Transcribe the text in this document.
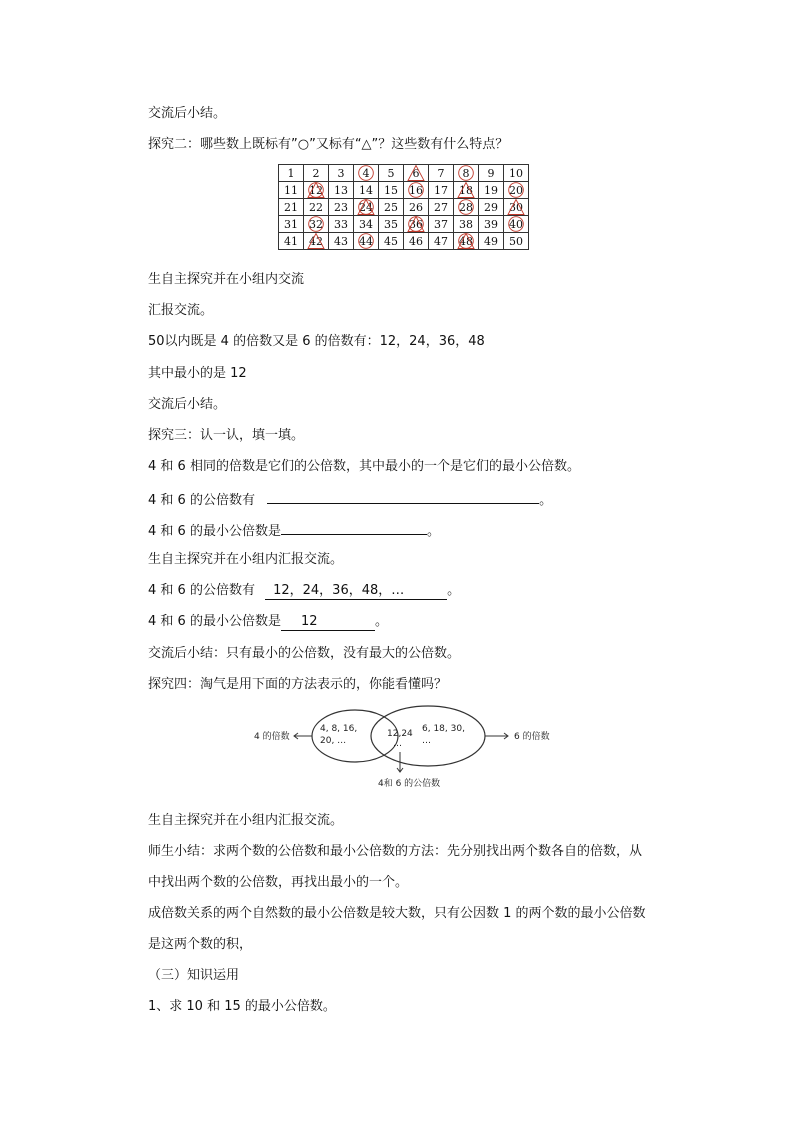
交流后小结。
探究二：哪些数上既标有”○”又标有“△”？这些数有什么特点？
1	2	3	4	5	6	7	8	9	10
11	12	13	14	15	16	17	18	19	20

21	22	23	24	25	26	27	28	29	30

31	32	33	34	35	36	37	38	39	40

41	42	43	44	45	46	47	48	49	50
生自主探究并在小组内交流
汇报交流。
50以内既是 4 的倍数又是 6 的倍数有：12，24，36，48
其中最小的是 12
交流后小结。
探究三：认一认，填一填。
4 和 6 相同的倍数是它们的公倍数，其中最小的一个是它们的最小公倍数。
4 和 6 的公倍数有	。
4 和 6 的最小公倍数是	。
生自主探究并在小组内汇报交流。
4 和 6 的公倍数有 12，24，36，48，…	。
4 和 6 的最小公倍数是 12	。
交流后小结：只有最小的公倍数，没有最大的公倍数。
探究四：淘气是用下面的方法表示的，你能看懂吗？
4 的倍数
4, 8, 16,
20, …
12,24
…
6, 18, 30,
…	6 的倍数
4和 6 的公倍数
生自主探究并在小组内汇报交流。
师生小结：求两个数的公倍数和最小公倍数的方法：先分别找出两个数各自的倍数，从
中找出两个数的公倍数，再找出最小的一个。
成倍数关系的两个自然数的最小公倍数是较大数，只有公因数 1 的两个数的最小公倍数
是这两个数的积，
（三）知识运用
1、求 10 和 15 的最小公倍数。
